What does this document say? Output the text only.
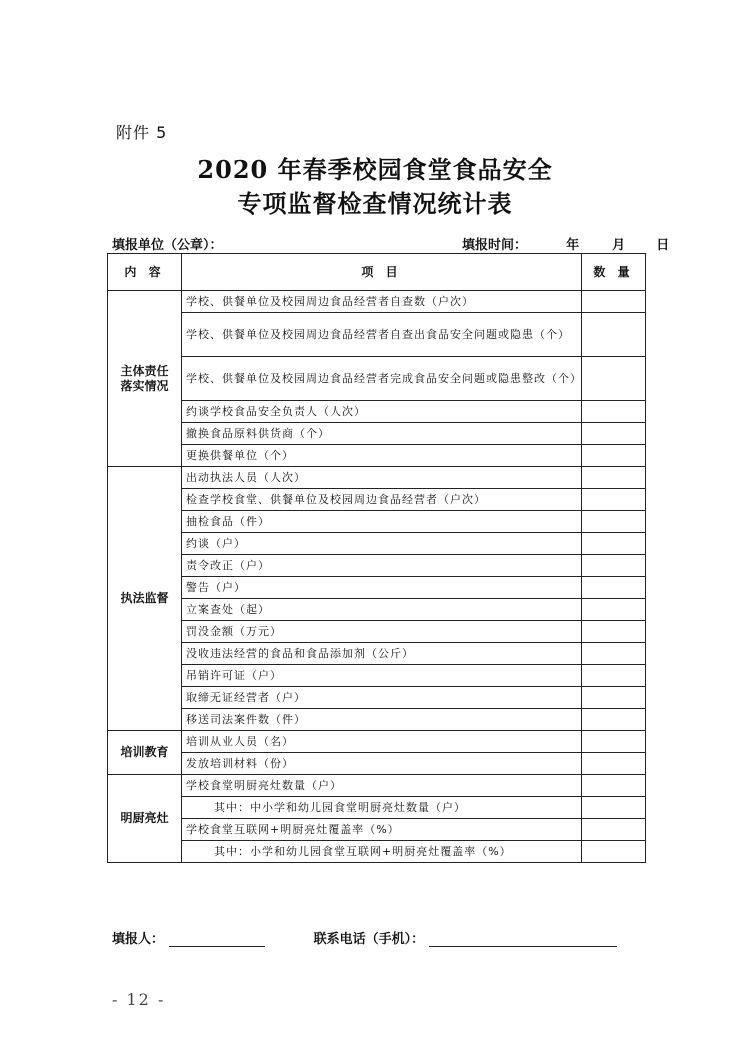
附件 5
2020 年春季校园食堂食品安全
专项监督检查情况统计表
填报单位（公章）：	填报时间：	年	月 日
内 容	项 目	数 量
主体责任
落实情况	学校、供餐单位及校园周边食品经营者自查数（户次）	
	学校、供餐单位及校园周边食品经营者自查出食品安全问题或隐患（个）	
	学校、供餐单位及校园周边食品经营者完成食品安全问题或隐患整改（个）	
	约谈学校食品安全负责人（人次）	
	撤换食品原料供货商（个）	
	更换供餐单位（个）	
执法监督	出动执法人员（人次）	
	检查学校食堂、供餐单位及校园周边食品经营者（户次）	
	抽检食品（件）	
	约谈（户）	
	责令改正（户）	
	警告（户）	
	立案查处（起）	
	罚没金额（万元）	
	没收违法经营的食品和食品添加剂（公斤）	
	吊销许可证（户）	
	取缔无证经营者（户）	
	移送司法案件数（件）	
培训教育	培训从业人员（名）	
	发放培训材料（份）	
明厨亮灶	学校食堂明厨亮灶数量（户）	
	其中：中小学和幼儿园食堂明厨亮灶数量（户）	
	学校食堂互联网+明厨亮灶覆盖率（%）	
	其中：小学和幼儿园食堂互联网+明厨亮灶覆盖率（%）	
填报人：	联系电话（手机）：
- 12 -
